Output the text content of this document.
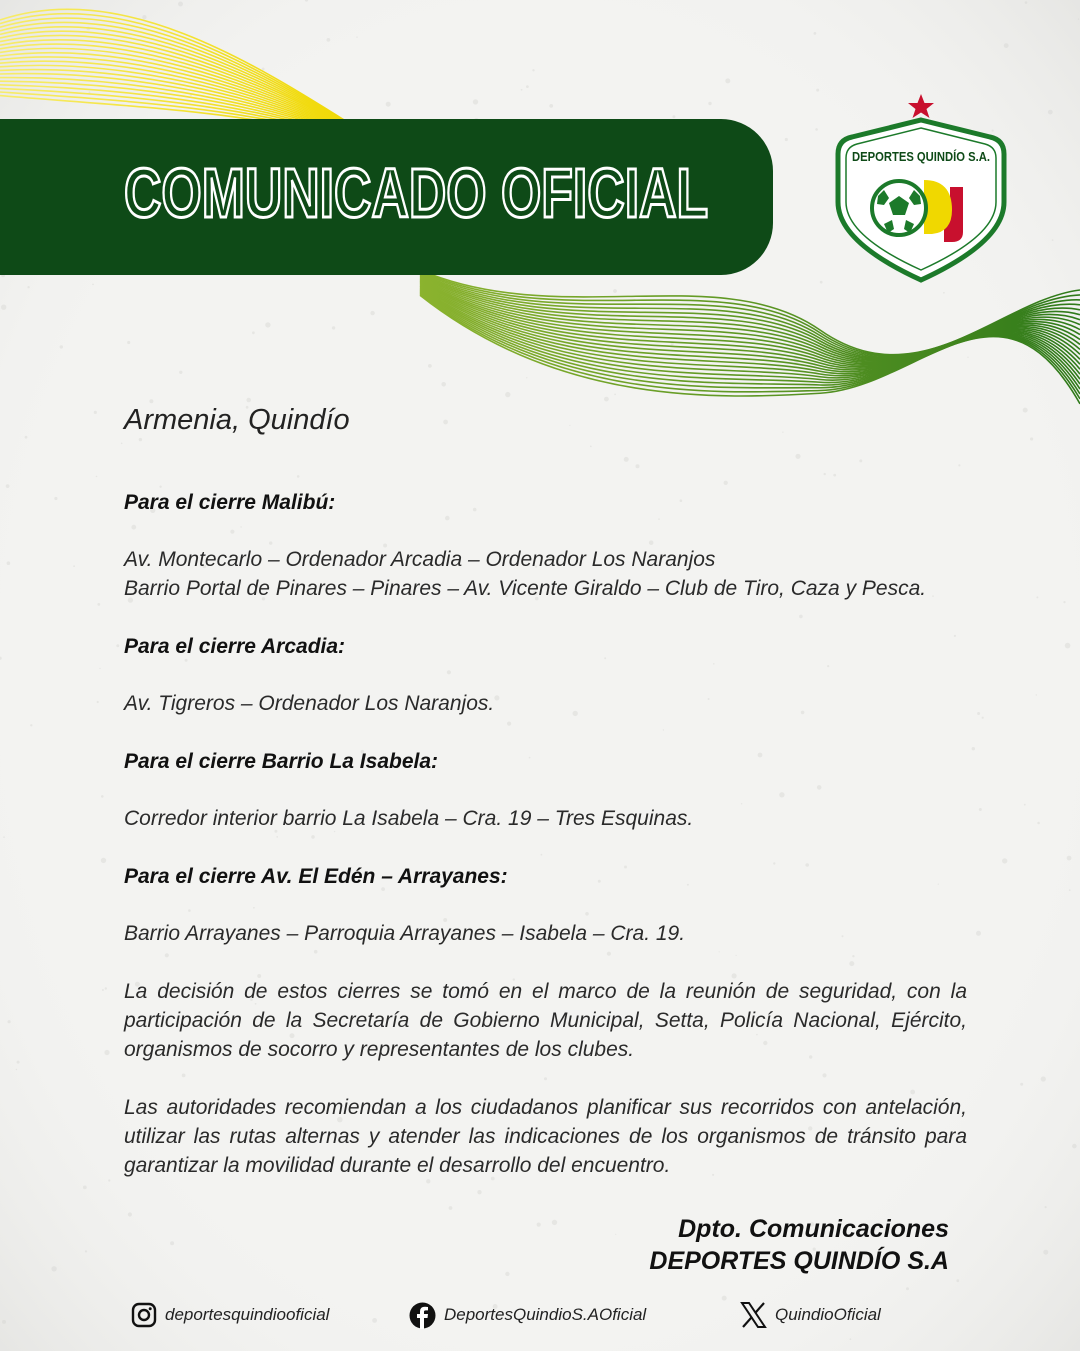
COMUNICADO OFICIAL	DEPORTES QUINDÍO S.A.
Armenia, Quindío
Para el cierre Malibú:
Av. Montecarlo – Ordenador Arcadia – Ordenador Los Naranjos
Barrio Portal de Pinares – Pinares – Av. Vicente Giraldo – Club de Tiro, Caza y Pesca.
Para el cierre Arcadia:
Av. Tigreros – Ordenador Los Naranjos.
Para el cierre Barrio La Isabela:
Corredor interior barrio La Isabela – Cra. 19 – Tres Esquinas.
Para el cierre Av. El Edén – Arrayanes:
Barrio Arrayanes – Parroquia Arrayanes – Isabela – Cra. 19.

La decisión de estos cierres se tomó en el marco de la reunión de seguridad, con la participación de la Secretaría de Gobierno Municipal, Setta, Policía Nacional, Ejército, organismos de socorro y representantes de los clubes.

Las autoridades recomiendan a los ciudadanos planificar sus recorridos con antelación, utilizar las rutas alternas y atender las indicaciones de los organismos de tránsito para garantizar la movilidad durante el desarrollo del encuentro.

Dpto. Comunicaciones
DEPORTES QUINDÍO S.A
deportesquindiooficial	DeportesQuindioS.AOficial	QuindioOficial
